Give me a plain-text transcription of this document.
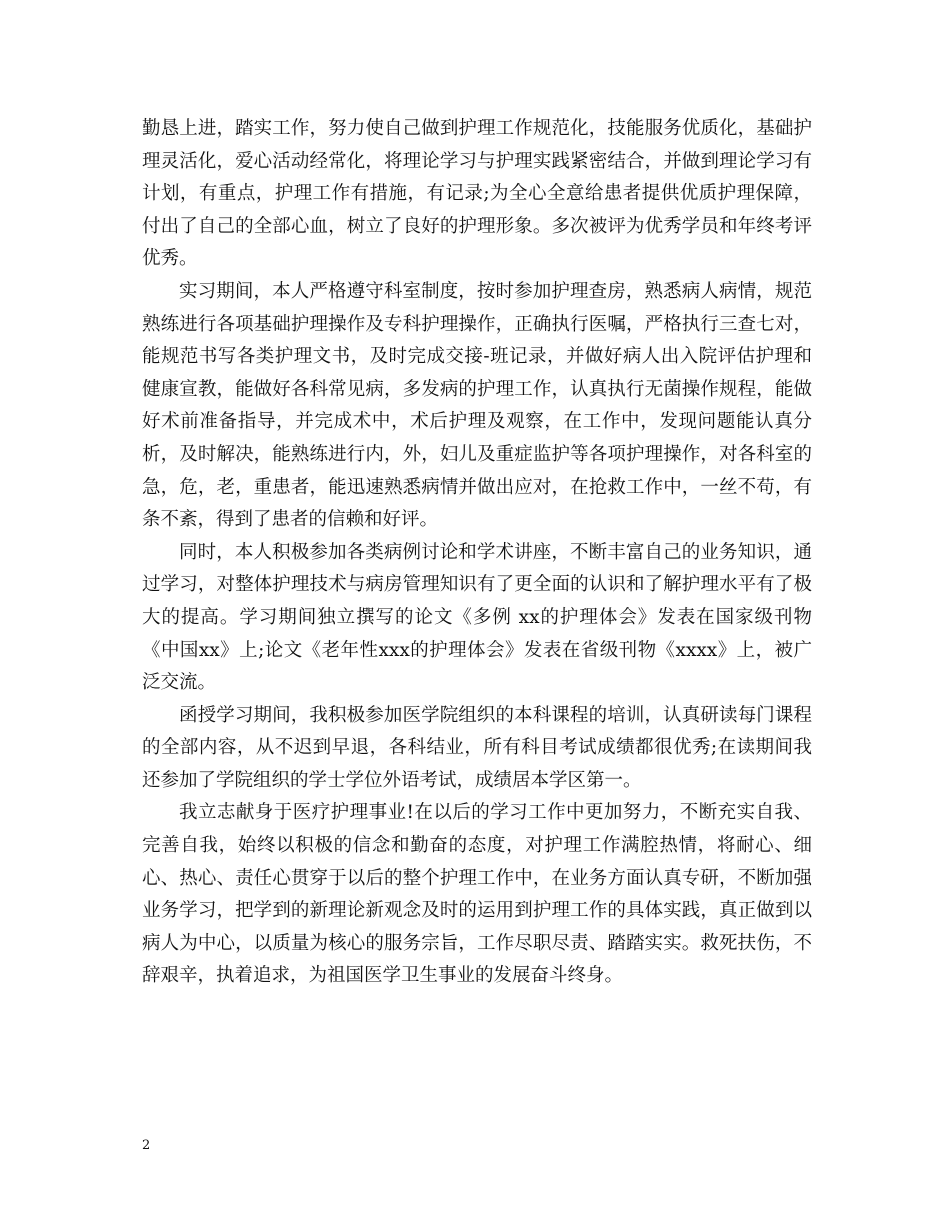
勤恳上进，踏实工作，努力使自己做到护理工作规范化，技能服务优质化，基础护理灵活化，爱心活动经常化，将理论学习与护理实践紧密结合，并做到理论学习有计划，有重点，护理工作有措施，有记录;为全心全意给患者提供优质护理保障，付出了自己的全部心血，树立了良好的护理形象。多次被评为优秀学员和年终考评优秀。

实习期间，本人严格遵守科室制度，按时参加护理查房，熟悉病人病情，规范熟练进行各项基础护理操作及专科护理操作，正确执行医嘱，严格执行三查七对，能规范书写各类护理文书，及时完成交接-班记录，并做好病人出入院评估护理和健康宣教，能做好各科常见病，多发病的护理工作，认真执行无菌操作规程，能做好术前准备指导，并完成术中，术后护理及观察，在工作中，发现问题能认真分析，及时解决，能熟练进行内，外，妇儿及重症监护等各项护理操作，对各科室的急，危，老，重患者，能迅速熟悉病情并做出应对，在抢救工作中，一丝不苟，有条不紊，得到了患者的信赖和好评。

同时，本人积极参加各类病例讨论和学术讲座，不断丰富自己的业务知识，通过学习，对整体护理技术与病房管理知识有了更全面的认识和了解护理水平有了极大的提高。学习期间独立撰写的论文《多例 xx的护理体会》发表在国家级刊物《中国xx》上;论文《老年性xxx的护理体会》发表在省级刊物《xxxx》上，被广泛交流。

函授学习期间，我积极参加医学院组织的本科课程的培训，认真研读每门课程的全部内容，从不迟到早退，各科结业，所有科目考试成绩都很优秀;在读期间我还参加了学院组织的学士学位外语考试，成绩居本学区第一。

我立志献身于医疗护理事业!在以后的学习工作中更加努力，不断充实自我、完善自我，始终以积极的信念和勤奋的态度，对护理工作满腔热情，将耐心、细心、热心、责任心贯穿于以后的整个护理工作中，在业务方面认真专研，不断加强业务学习，把学到的新理论新观念及时的运用到护理工作的具体实践，真正做到以病人为中心，以质量为核心的服务宗旨，工作尽职尽责、踏踏实实。救死扶伤，不辞艰辛，执着追求，为祖国医学卫生事业的发展奋斗终身。

2
